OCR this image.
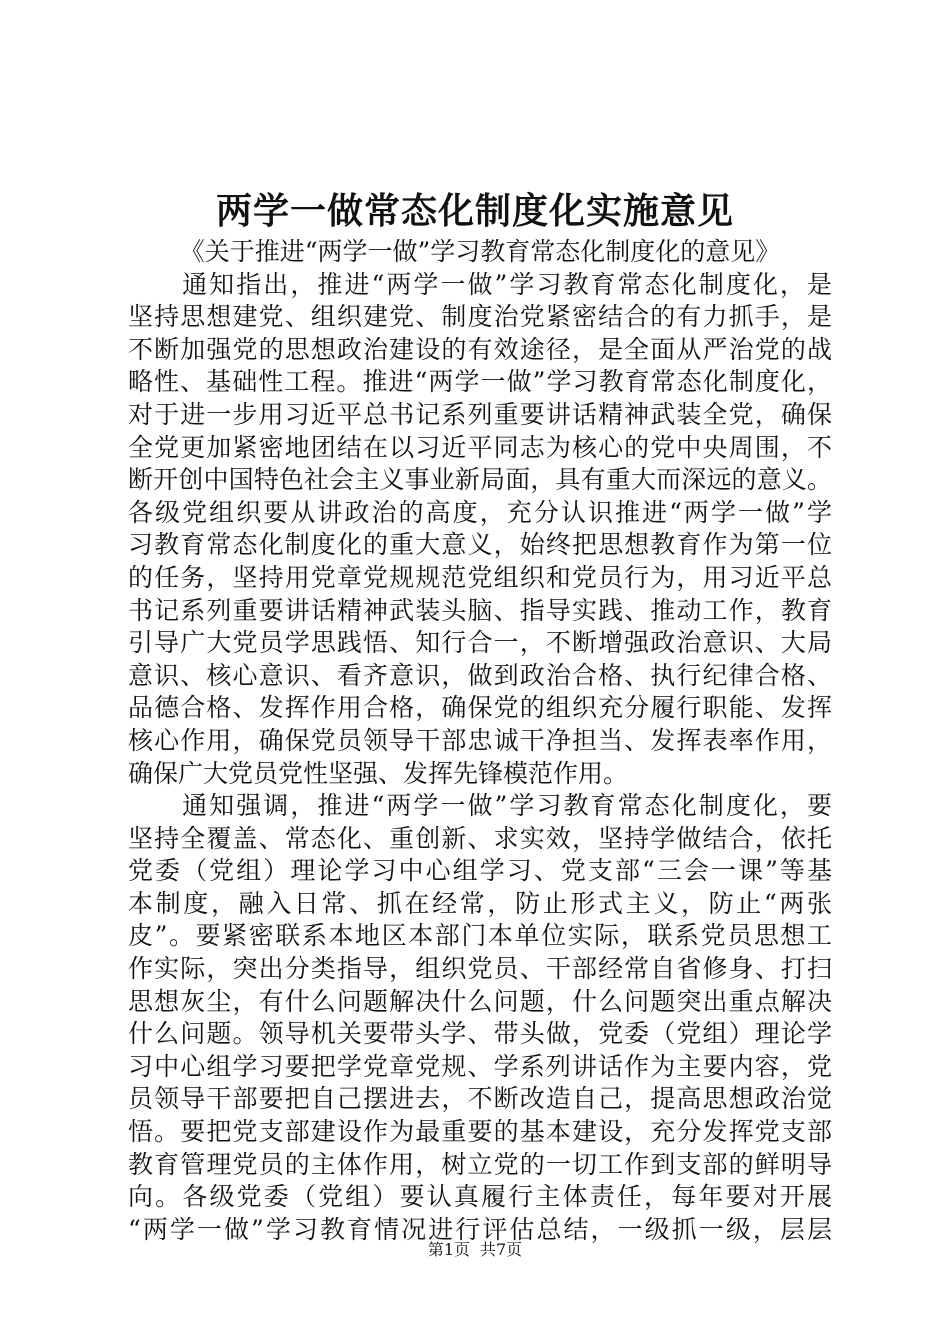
两学一做常态化制度化实施意见
《关于推进“两学一做”学习教育常态化制度化的意见》
　　通知指出，推进“两学一做”学习教育常态化制度化，是
坚持思想建党、组织建党、制度治党紧密结合的有力抓手，是
不断加强党的思想政治建设的有效途径，是全面从严治党的战
略性、基础性工程。推进“两学一做”学习教育常态化制度化，
对于进一步用习近平总书记系列重要讲话精神武装全党，确保
全党更加紧密地团结在以习近平同志为核心的党中央周围，不
断开创中国特色社会主义事业新局面，具有重大而深远的意义。
各级党组织要从讲政治的高度，充分认识推进“两学一做”学
习教育常态化制度化的重大意义，始终把思想教育作为第一位
的任务，坚持用党章党规规范党组织和党员行为，用习近平总
书记系列重要讲话精神武装头脑、指导实践、推动工作，教育
引导广大党员学思践悟、知行合一，不断增强政治意识、大局
意识、核心意识、看齐意识，做到政治合格、执行纪律合格、
品德合格、发挥作用合格，确保党的组织充分履行职能、发挥
核心作用，确保党员领导干部忠诚干净担当、发挥表率作用，
确保广大党员党性坚强、发挥先锋模范作用。
　　通知强调，推进“两学一做”学习教育常态化制度化，要
坚持全覆盖、常态化、重创新、求实效，坚持学做结合，依托
党委（党组）理论学习中心组学习、党支部“三会一课”等基
本制度，融入日常、抓在经常，防止形式主义，防止“两张
皮”。要紧密联系本地区本部门本单位实际，联系党员思想工
作实际，突出分类指导，组织党员、干部经常自省修身、打扫
思想灰尘，有什么问题解决什么问题，什么问题突出重点解决
什么问题。领导机关要带头学、带头做，党委（党组）理论学
习中心组学习要把学党章党规、学系列讲话作为主要内容，党
员领导干部要把自己摆进去，不断改造自己，提高思想政治觉
悟。要把党支部建设作为最重要的基本建设，充分发挥党支部
教育管理党员的主体作用，树立党的一切工作到支部的鲜明导
向。各级党委（党组）要认真履行主体责任，每年要对开展
“两学一做”学习教育情况进行评估总结，一级抓一级，层层
第1页 共7页
